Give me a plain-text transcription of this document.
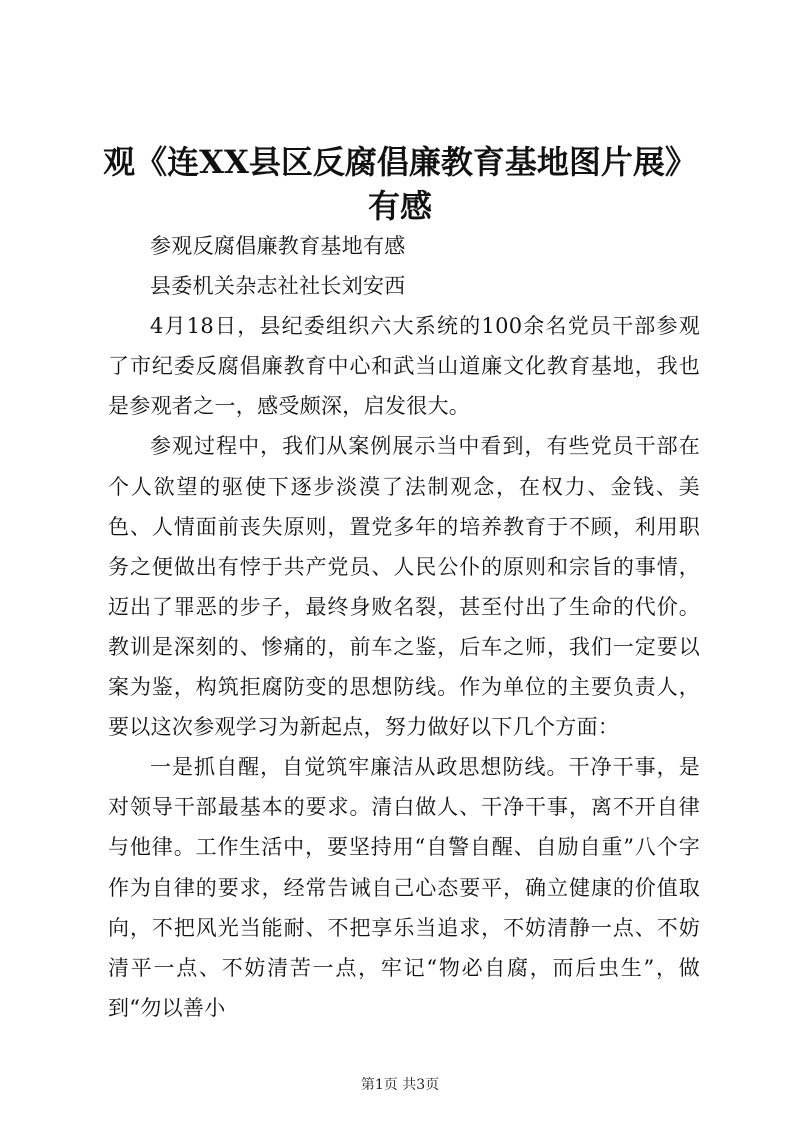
观《连XX县区反腐倡廉教育基地图片展》有感

参观反腐倡廉教育基地有感

县委机关杂志社社长刘安西

4月18日，县纪委组织六大系统的100余名党员干部参观了市纪委反腐倡廉教育中心和武当山道廉文化教育基地，我也是参观者之一，感受颇深，启发很大。

参观过程中，我们从案例展示当中看到，有些党员干部在个人欲望的驱使下逐步淡漠了法制观念，在权力、金钱、美色、人情面前丧失原则，置党多年的培养教育于不顾，利用职务之便做出有悖于共产党员、人民公仆的原则和宗旨的事情，迈出了罪恶的步子，最终身败名裂，甚至付出了生命的代价。教训是深刻的、惨痛的，前车之鉴，后车之师，我们一定要以案为鉴，构筑拒腐防变的思想防线。作为单位的主要负责人，要以这次参观学习为新起点，努力做好以下几个方面：

一是抓自醒，自觉筑牢廉洁从政思想防线。干净干事，是对领导干部最基本的要求。清白做人、干净干事，离不开自律与他律。工作生活中，要坚持用“自警自醒、自励自重”八个字作为自律的要求，经常告诫自己心态要平，确立健康的价值取向，不把风光当能耐、不把享乐当追求，不妨清静一点、不妨清平一点、不妨清苦一点，牢记“物必自腐，而后虫生”，做到“勿以善小

第1页 共3页
